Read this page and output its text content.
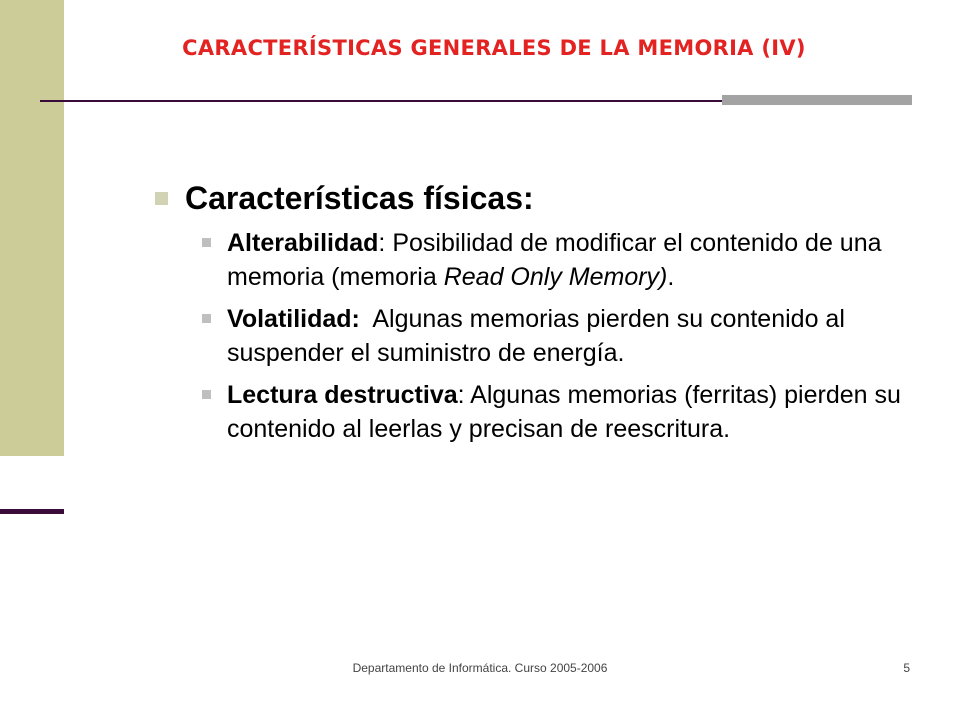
CARACTERÍSTICAS GENERALES DE LA MEMORIA (IV)
Características físicas:
Alterabilidad: Posibilidad de modificar el contenido de una memoria (memoria Read Only Memory).
Volatilidad:  Algunas memorias pierden su contenido al suspender el suministro de energía.
Lectura destructiva: Algunas memorias (ferritas) pierden su contenido al leerlas y precisan de reescritura.
Departamento de Informática. Curso 2005-2006	5
